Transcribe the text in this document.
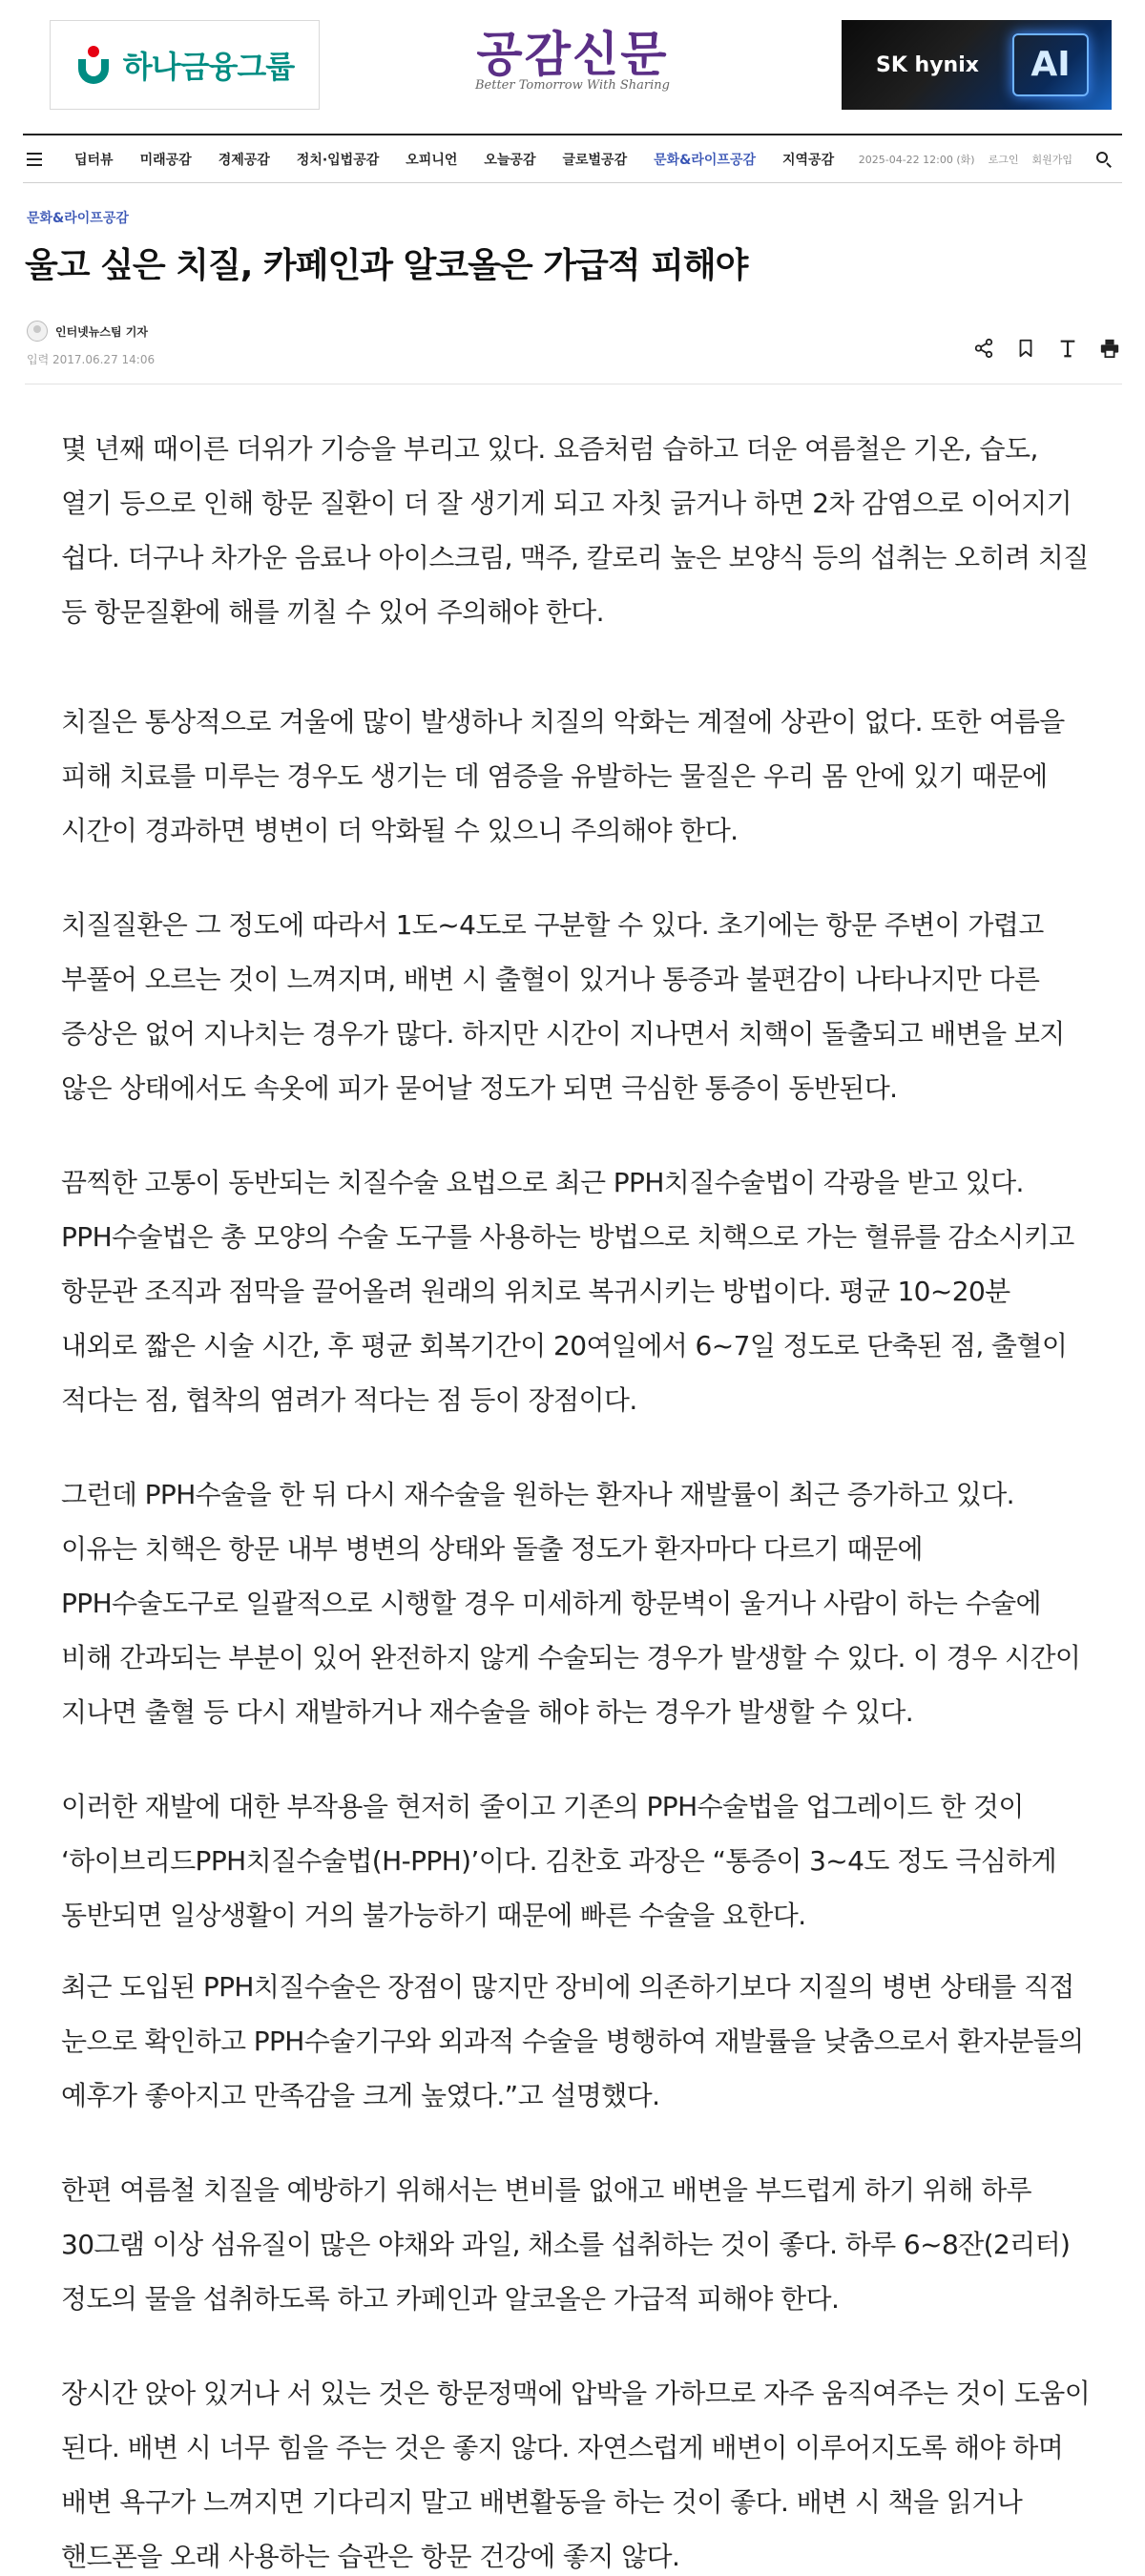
하나금융그룹	공감신문
Better Tomorrow With Sharing
SK hynix	AI
딥터뷰 미래공감 경제공감 정치·입법공감 오피니언 오늘공감 글로벌공감 문화&라이프공감 지역공감 2025-04-22 12:00 (화) 로그인 회원가입
문화&라이프공감
울고 싶은 치질, 카페인과 알코올은 가급적 피해야
인터넷뉴스팀 기자
입력 2017.06.27 14:06

몇 년째 때이른 더위가 기승을 부리고 있다. 요즘처럼 습하고 더운 여름철은 기온, 습도, 열기 등으로 인해 항문 질환이 더 잘 생기게 되고 자칫 긁거나 하면 2차 감염으로 이어지기 쉽다. 더구나 차가운 음료나 아이스크림, 맥주, 칼로리 높은 보양식 등의 섭취는 오히려 치질 등 항문질환에 해를 끼칠 수 있어 주의해야 한다.

치질은 통상적으로 겨울에 많이 발생하나 치질의 악화는 계절에 상관이 없다. 또한 여름을 피해 치료를 미루는 경우도 생기는 데 염증을 유발하는 물질은 우리 몸 안에 있기 때문에 시간이 경과하면 병변이 더 악화될 수 있으니 주의해야 한다.

치질질환은 그 정도에 따라서 1도~4도로 구분할 수 있다. 초기에는 항문 주변이 가렵고 부풀어 오르는 것이 느껴지며, 배변 시 출혈이 있거나 통증과 불편감이 나타나지만 다른 증상은 없어 지나치는 경우가 많다. 하지만 시간이 지나면서 치핵이 돌출되고 배변을 보지 않은 상태에서도 속옷에 피가 묻어날 정도가 되면 극심한 통증이 동반된다.

끔찍한 고통이 동반되는 치질수술 요법으로 최근 PPH치질수술법이 각광을 받고 있다. PPH수술법은 총 모양의 수술 도구를 사용하는 방법으로 치핵으로 가는 혈류를 감소시키고 항문관 조직과 점막을 끌어올려 원래의 위치로 복귀시키는 방법이다. 평균 10~20분 내외로 짧은 시술 시간, 후 평균 회복기간이 20여일에서 6~7일 정도로 단축된 점, 출혈이 적다는 점, 협착의 염려가 적다는 점 등이 장점이다.

그런데 PPH수술을 한 뒤 다시 재수술을 원하는 환자나 재발률이 최근 증가하고 있다. 이유는 치핵은 항문 내부 병변의 상태와 돌출 정도가 환자마다 다르기 때문에 PPH수술도구로 일괄적으로 시행할 경우 미세하게 항문벽이 울거나 사람이 하는 수술에 비해 간과되는 부분이 있어 완전하지 않게 수술되는 경우가 발생할 수 있다. 이 경우 시간이 지나면 출혈 등 다시 재발하거나 재수술을 해야 하는 경우가 발생할 수 있다.

이러한 재발에 대한 부작용을 현저히 줄이고 기존의 PPH수술법을 업그레이드 한 것이 ‘하이브리드PPH치질수술법(H-PPH)’이다. 김찬호 과장은 “통증이 3~4도 정도 극심하게 동반되면 일상생활이 거의 불가능하기 때문에 빠른 수술을 요한다.

최근 도입된 PPH치질수술은 장점이 많지만 장비에 의존하기보다 지질의 병변 상태를 직접 눈으로 확인하고 PPH수술기구와 외과적 수술을 병행하여 재발률을 낮춤으로서 환자분들의 예후가 좋아지고 만족감을 크게 높였다.”고 설명했다.

한편 여름철 치질을 예방하기 위해서는 변비를 없애고 배변을 부드럽게 하기 위해 하루 30그램 이상 섬유질이 많은 야채와 과일, 채소를 섭취하는 것이 좋다. 하루 6~8잔(2리터)정도의 물을 섭취하도록 하고 카페인과 알코올은 가급적 피해야 한다.

장시간 앉아 있거나 서 있는 것은 항문정맥에 압박을 가하므로 자주 움직여주는 것이 도움이 된다. 배변 시 너무 힘을 주는 것은 좋지 않다. 자연스럽게 배변이 이루어지도록 해야 하며 배변 욕구가 느껴지면 기다리지 말고 배변활동을 하는 것이 좋다. 배변 시 책을 읽거나 핸드폰을 오래 사용하는 습관은 항문 건강에 좋지 않다.
